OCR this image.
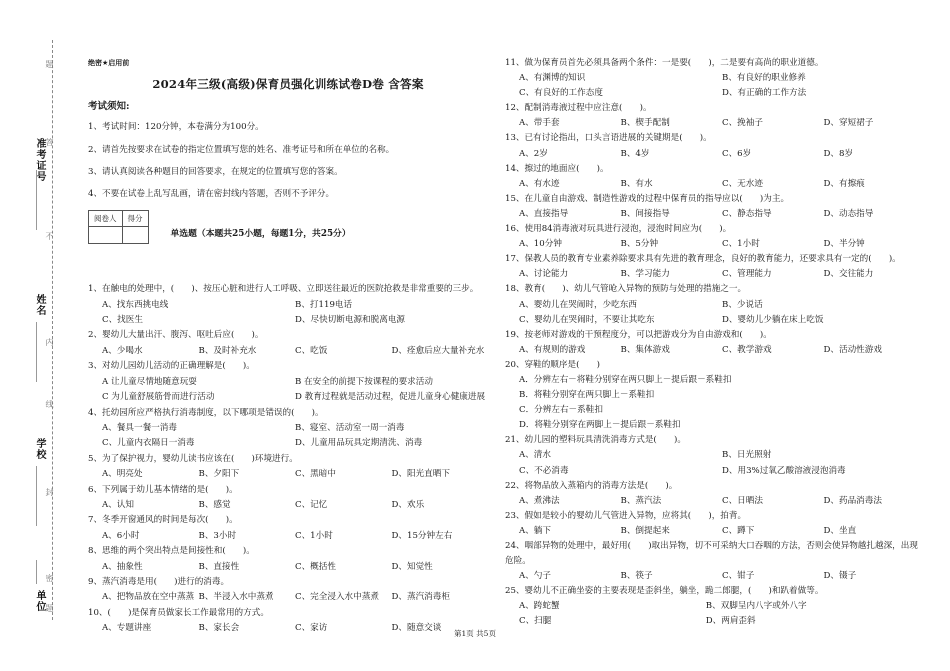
准考证号
姓名
学校
单位
题
答
不
内
线
封
密
题
绝密★启用前
2024年三级(高级)保育员强化训练试卷D卷 含答案
考试须知:

1、考试时间：120分钟，本卷满分为100分。

2、请首先按要求在试卷的指定位置填写您的姓名、准考证号和所在单位的名称。

3、请认真阅读各种题目的回答要求，在规定的位置填写您的答案。

4、不要在试卷上乱写乱画，请在密封线内答题，否则不予评分。

阅卷人	得分

单选题（本题共25小题，每题1分，共25分）

1、在触电的处理中，(　　)、按压心脏和进行人工呼吸、立即送往最近的医院抢救是非常重要的三步。

A、找东西挑电线	B、打119电话
C、找医生	D、尽快切断电源和脱离电源

2、婴幼儿大量出汗、腹泻、呕吐后应(　　)。

A、少喝水	B、及时补充水	C、吃饭	D、痊愈后应大量补充水

3、对幼儿园幼儿活动的正确理解是(　　)。

A 让儿童尽情地随意玩耍	B 在安全的前提下按课程的要求活动
C 为儿童舒展筋骨而进行活动	D 教育过程就是活动过程，促进儿童身心健康进展

4、托幼园所应严格执行消毒制度，以下哪项是错误的(　　)。

A、餐具一餐一消毒	B、寝室、活动室一周一消毒
C、儿童内衣隔日一消毒	D、儿童用品玩具定期清洗、消毒

5、为了保护视力，婴幼儿读书应该在(　　)环境进行。

A、明亮处	B、夕阳下	C、黑暗中	D、阳光直晒下

6、下列属于幼儿基本情绪的是(　　)。

A、认知	B、感觉	C、记忆	D、欢乐

7、冬季开窗通风的时间是每次(　　)。

A、6小时	B、3小时	C、1小时	D、15分钟左右

8、思维的两个突出特点是间接性和(　　)。

A、抽象性	B、直接性	C、概括性	D、知觉性

9、蒸汽消毒是用(　　)进行的消毒。

A、把物品放在空中蒸蒸 B、半浸入水中蒸煮	C、完全浸入水中蒸煮	D、蒸汽消毒柜

10、(　　)是保育员做家长工作最常用的方式。

A、专题讲座	B、家长会	C、家访	D、随意交谈

11、做为保育员首先必须具备两个条件：一是要(　　)，二是要有高尚的职业道德。

A、有渊博的知识	B、有良好的职业修养
C、有良好的工作态度	D、有正确的工作方法

12、配制消毒液过程中应注意(　　)。

A、带手套	B、楔手配制	C、挽袖子	D、穿短裙子

13、已有讨论指出，口头言语进展的关键期是(　　)。

A、2岁	B、4岁	C、6岁	D、8岁

14、擦过的地面应(　　)。

A、有水迹	B、有水	C、无水迹	D、有擦痕

15、在儿童自由游戏、制造性游戏的过程中保育员的指导应以(　　)为主。

A、直接指导	B、间接指导	C、静态指导	D、动态指导

16、使用84消毒液对玩具进行浸泡，浸泡时间应为(　　)。

A、10分钟	B、5分钟	C、1小时	D、半分钟

17、保教人员的教育专业素养除要求具有先进的教育理念，良好的教育能力，还要求具有一定的(　　)。

A、讨论能力	B、学习能力	C、管理能力	D、交往能力

18、教育(　　)、幼儿气管呛入异物的预防与处理的措施之一。

A、婴幼儿在哭闹时，少吃东西	B、少说话
C、婴幼儿在哭闹时，不要让其吃东	D、婴幼儿少躺在床上吃饭

19、按老师对游戏的干预程度分，可以把游戏分为自由游戏和(　　)。

A、有规则的游戏	B、集体游戏	C、教学游戏	D、活动性游戏

20、穿鞋的顺序是(　　)

A．分辨左右－将鞋分别穿在两只脚上－提后跟－系鞋扣
B．将鞋分别穿在两只脚上－系鞋扣
C．分辨左右－系鞋扣
D．将鞋分别穿在两脚上－提后跟－系鞋扣

21、幼儿园的塑料玩具清洗消毒方式是(　　)。

A、清水	B、日光照射
C、不必消毒	D、用3%过氧乙酸溶液浸泡消毒

22、将物品放入蒸箱内的消毒方法是(　　)。

A、煮沸法	B、蒸汽法	C、日晒法	D、药品消毒法

23、假如是较小的婴幼儿气管进入异物，应将其(　　)，拍背。

A、躺下	B、倒提起来	C、蹲下	D、坐直

24、咽部异物的处理中，最好用(　　)取出异物，切不可采纳大口吞咽的方法，否则会使异物越扎越深，出现危险。

A、勺子	B、筷子	C、钳子	D、镊子

25、婴幼儿不正确坐姿的主要表现是歪斜坐，躺坐，跪二郎腿，(　　)和趴着做等。

A、跨蛇蟹	B、双脚呈内八字或外八字
C、扫腿	D、两肩歪斜
第1页 共5页
